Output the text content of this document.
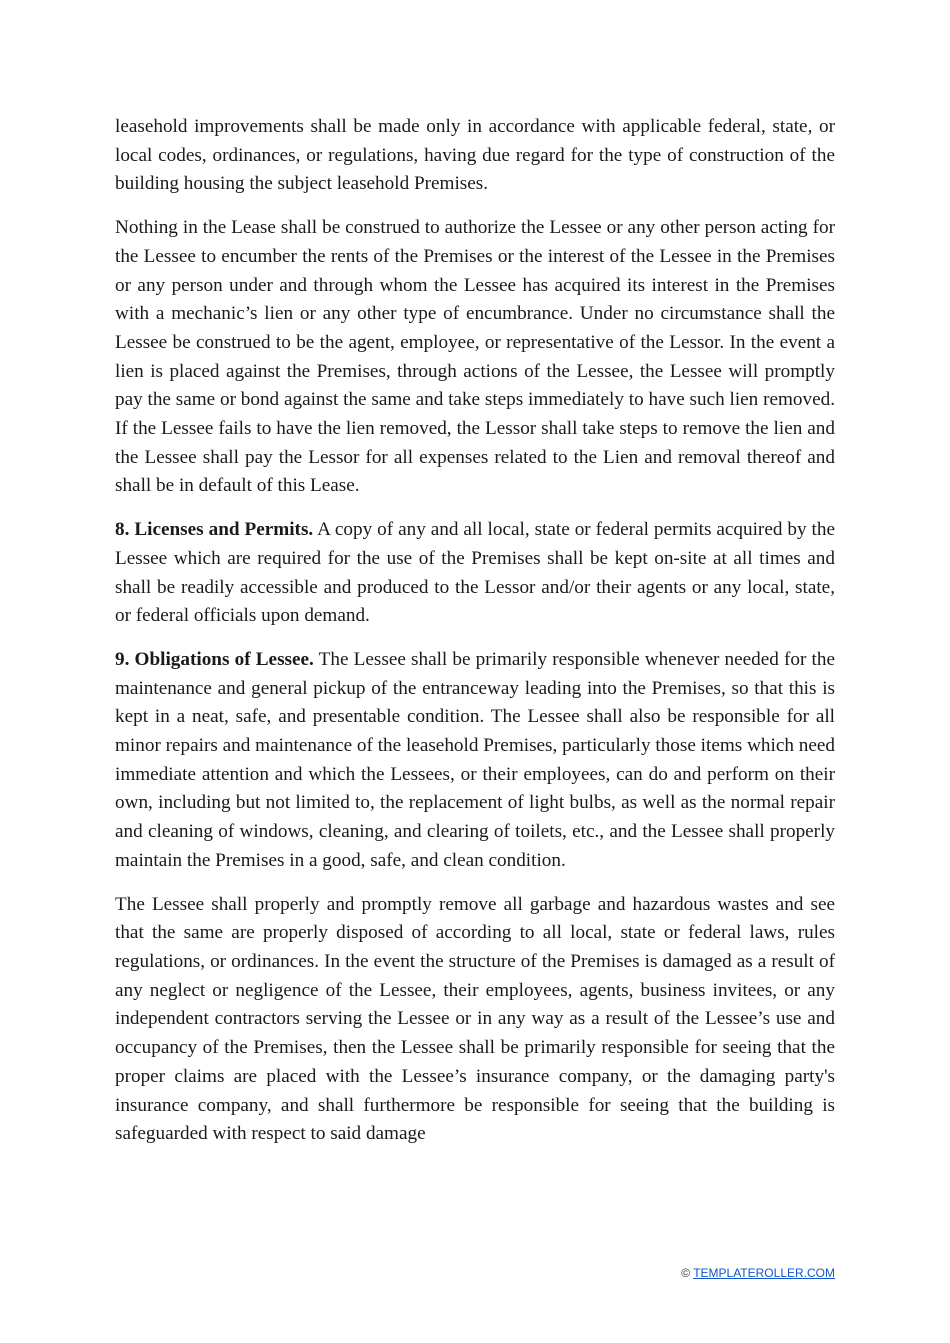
leasehold improvements shall be made only in accordance with applicable federal, state, or local codes, ordinances, or regulations, having due regard for the type of construction of the building housing the subject leasehold Premises.

Nothing in the Lease shall be construed to authorize the Lessee or any other person acting for the Lessee to encumber the rents of the Premises or the interest of the Lessee in the Premises or any person under and through whom the Lessee has acquired its interest in the Premises with a mechanic’s lien or any other type of encumbrance. Under no circumstance shall the Lessee be construed to be the agent, employee, or representative of the Lessor. In the event a lien is placed against the Premises, through actions of the Lessee, the Lessee will promptly pay the same or bond against the same and take steps immediately to have such lien removed. If the Lessee fails to have the lien removed, the Lessor shall take steps to remove the lien and the Lessee shall pay the Lessor for all expenses related to the Lien and removal thereof and shall be in default of this Lease.

8. Licenses and Permits. A copy of any and all local, state or federal permits acquired by the Lessee which are required for the use of the Premises shall be kept on-site at all times and shall be readily accessible and produced to the Lessor and/or their agents or any local, state, or federal officials upon demand.

9. Obligations of Lessee. The Lessee shall be primarily responsible whenever needed for the maintenance and general pickup of the entranceway leading into the Premises, so that this is kept in a neat, safe, and presentable condition. The Lessee shall also be responsible for all minor repairs and maintenance of the leasehold Premises, particularly those items which need immediate attention and which the Lessees, or their employees, can do and perform on their own, including but not limited to, the replacement of light bulbs, as well as the normal repair and cleaning of windows, cleaning, and clearing of toilets, etc., and the Lessee shall properly maintain the Premises in a good, safe, and clean condition.

The Lessee shall properly and promptly remove all garbage and hazardous wastes and see that the same are properly disposed of according to all local, state or federal laws, rules regulations, or ordinances. In the event the structure of the Premises is damaged as a result of any neglect or negligence of the Lessee, their employees, agents, business invitees, or any independent contractors serving the Lessee or in any way as a result of the Lessee’s use and occupancy of the Premises, then the Lessee shall be primarily responsible for seeing that the proper claims are placed with the Lessee’s insurance company, or the damaging party's insurance company, and shall furthermore be responsible for seeing that the building is safeguarded with respect to said damage

© TEMPLATEROLLER.COM
